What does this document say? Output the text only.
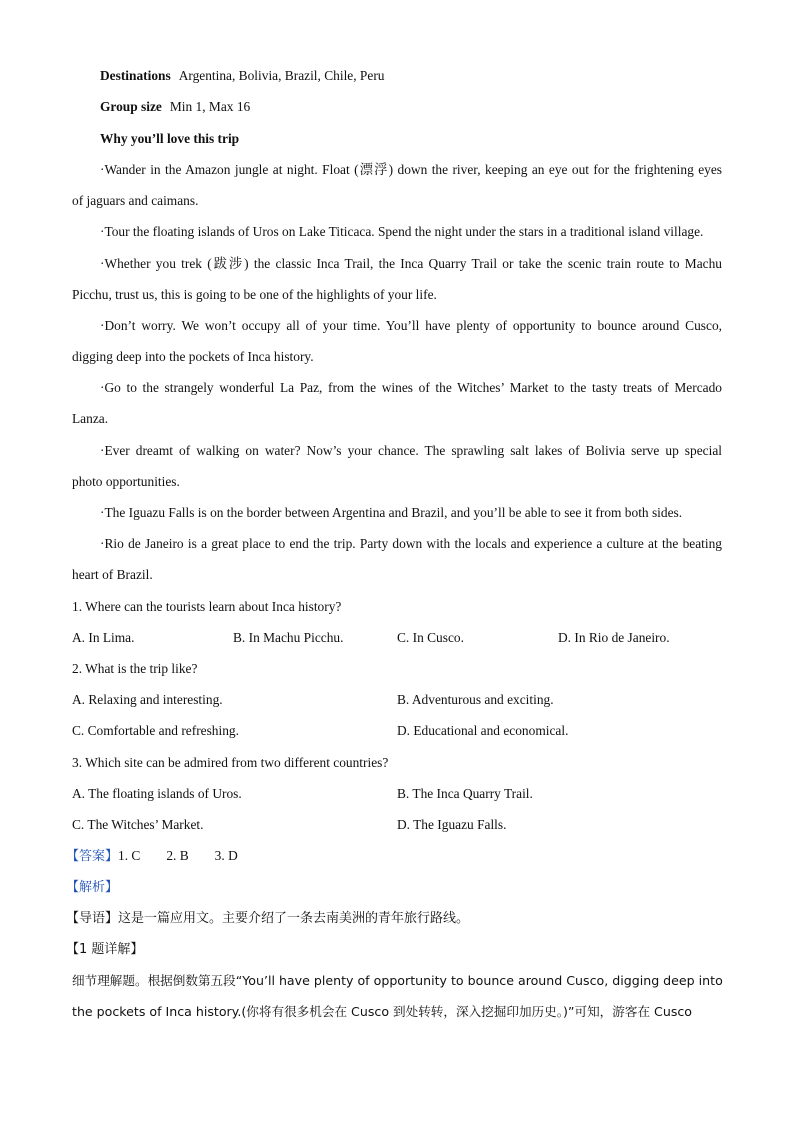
Destinations Argentina, Bolivia, Brazil, Chile, Peru
Group size Min 1, Max 16
Why you’ll love this trip
·Wander in the Amazon jungle at night. Float (漂浮) down the river, keeping an eye out for the frightening eyes
of jaguars and caimans.
·Tour the floating islands of Uros on Lake Titicaca. Spend the night under the stars in a traditional island village.
·Whether you trek (跋涉) the classic Inca Trail, the Inca Quarry Trail or take the scenic train route to Machu
Picchu, trust us, this is going to be one of the highlights of your life.
·Don’t worry. We won’t occupy all of your time. You’ll have plenty of opportunity to bounce around Cusco,
digging deep into the pockets of Inca history.
·Go to the strangely wonderful La Paz, from the wines of the Witches’ Market to the tasty treats of Mercado
Lanza.
·Ever dreamt of walking on water? Now’s your chance. The sprawling salt lakes of Bolivia serve up special
photo opportunities.
·The Iguazu Falls is on the border between Argentina and Brazil, and you’ll be able to see it from both sides.
·Rio de Janeiro is a great place to end the trip. Party down with the locals and experience a culture at the beating
heart of Brazil.
1. Where can the tourists learn about Inca history?
A. In Lima.	B. In Machu Picchu.	C. In Cusco.	D. In Rio de Janeiro.
2. What is the trip like?
A. Relaxing and interesting.	B. Adventurous and exciting.
C. Comfortable and refreshing.	D. Educational and economical.
3. Which site can be admired from two different countries?
A. The floating islands of Uros.	B. The Inca Quarry Trail.
C. The Witches’ Market.	D. The Iguazu Falls.
【答案】1. C 2. B 3. D
【解析】
【导语】这是一篇应用文。主要介绍了一条去南美洲的青年旅行路线。
【1 题详解】
细节理解题。根据倒数第五段“You’ll have plenty of opportunity to bounce around Cusco, digging deep into
the pockets of Inca history.(你将有很多机会在 Cusco 到处转转，深入挖掘印加历史。)”可知，游客在 Cusco
